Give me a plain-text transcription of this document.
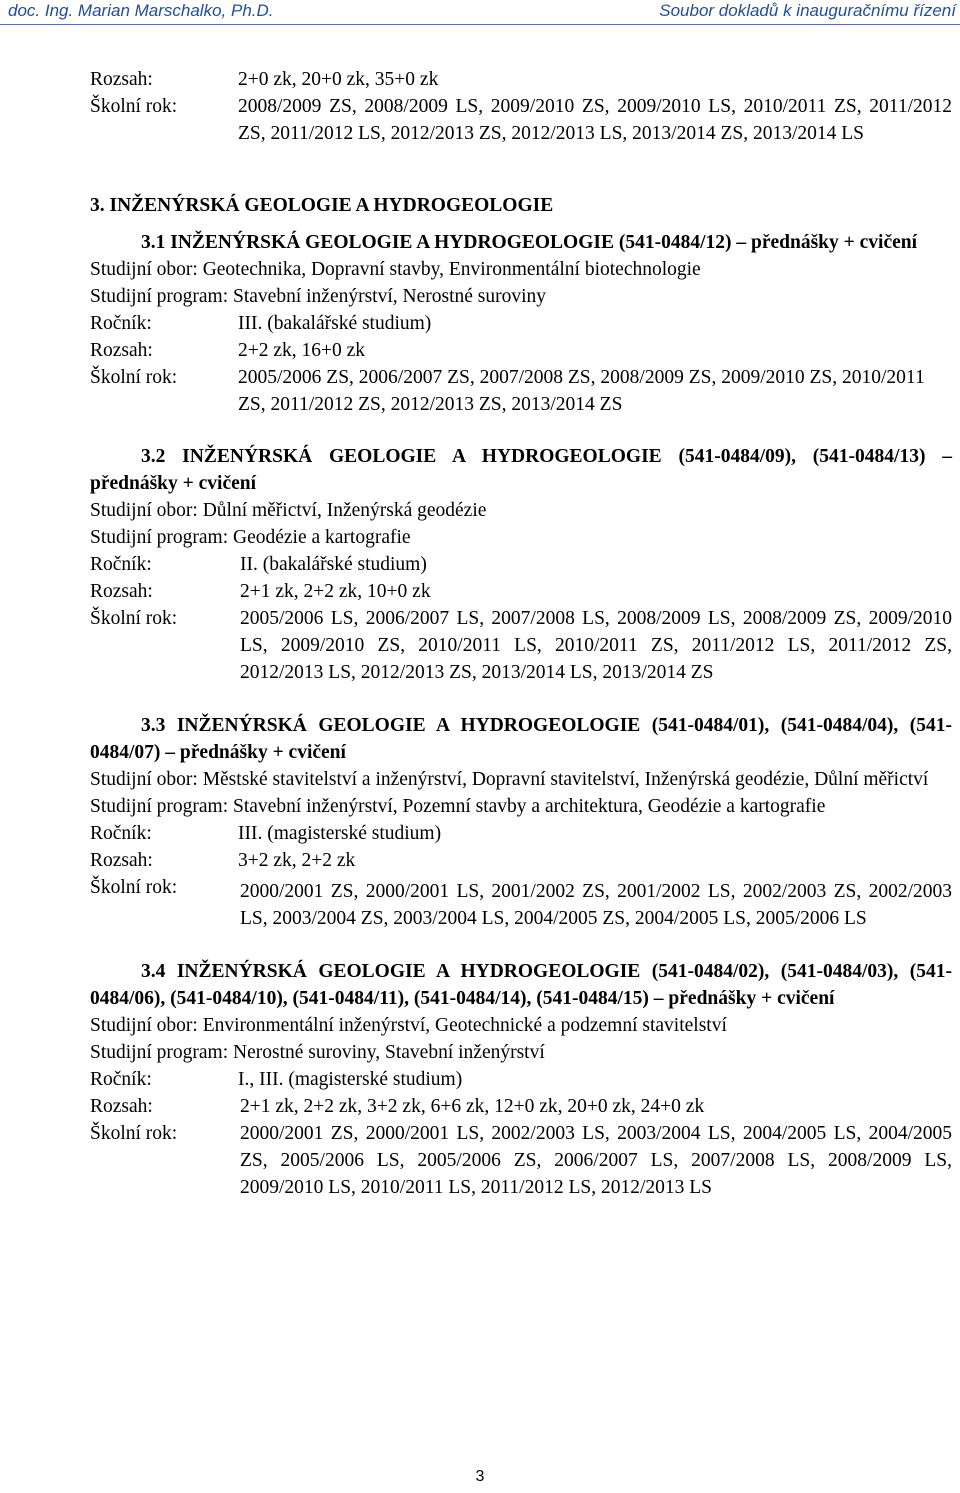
doc. Ing. Marian Marschalko, Ph.D.	Soubor dokladů k inauguračnímu řízení
Rozsah:	2+0 zk, 20+0 zk, 35+0 zk
Školní rok:	2008/2009 ZS, 2008/2009 LS, 2009/2010 ZS, 2009/2010 LS, 2010/2011 ZS, 2011/2012 ZS, 2011/2012 LS, 2012/2013 ZS, 2012/2013 LS, 2013/2014 ZS, 2013/2014 LS
3. INŽENÝRSKÁ GEOLOGIE A HYDROGEOLOGIE
3.1 INŽENÝRSKÁ GEOLOGIE A HYDROGEOLOGIE (541-0484/12) – přednášky + cvičení
Studijní obor: Geotechnika, Dopravní stavby, Environmentální biotechnologie
Studijní program: Stavební inženýrství, Nerostné suroviny
Ročník:	III. (bakalářské studium)
Rozsah:	2+2 zk, 16+0 zk
Školní rok:	2005/2006 ZS, 2006/2007 ZS, 2007/2008 ZS, 2008/2009 ZS, 2009/2010 ZS, 2010/2011 ZS, 2011/2012 ZS, 2012/2013 ZS, 2013/2014 ZS
3.2 INŽENÝRSKÁ GEOLOGIE A HYDROGEOLOGIE (541-0484/09), (541-0484/13) – přednášky + cvičení
Studijní obor: Důlní měřictví, Inženýrská geodézie
Studijní program: Geodézie a kartografie
Ročník:	II. (bakalářské studium)
Rozsah:	2+1 zk, 2+2 zk, 10+0 zk
Školní rok:	2005/2006 LS, 2006/2007 LS, 2007/2008 LS, 2008/2009 LS, 2008/2009 ZS, 2009/2010 LS, 2009/2010 ZS, 2010/2011 LS, 2010/2011 ZS, 2011/2012 LS, 2011/2012 ZS, 2012/2013 LS, 2012/2013 ZS, 2013/2014 LS, 2013/2014 ZS
3.3 INŽENÝRSKÁ GEOLOGIE A HYDROGEOLOGIE (541-0484/01), (541-0484/04), (541-0484/07) – přednášky + cvičení
Studijní obor: Městské stavitelství a inženýrství, Dopravní stavitelství, Inženýrská geodézie, Důlní měřictví
Studijní program: Stavební inženýrství, Pozemní stavby a architektura, Geodézie a kartografie
Ročník:	III. (magisterské studium)
Rozsah:	3+2 zk, 2+2 zk
Školní rok:	2000/2001 ZS, 2000/2001 LS, 2001/2002 ZS, 2001/2002 LS, 2002/2003 ZS, 2002/2003 LS, 2003/2004 ZS, 2003/2004 LS, 2004/2005 ZS, 2004/2005 LS, 2005/2006 LS
3.4 INŽENÝRSKÁ GEOLOGIE A HYDROGEOLOGIE (541-0484/02), (541-0484/03), (541-0484/06), (541-0484/10), (541-0484/11), (541-0484/14), (541-0484/15) – přednášky + cvičení
Studijní obor: Environmentální inženýrství, Geotechnické a podzemní stavitelství
Studijní program: Nerostné suroviny, Stavební inženýrství
Ročník:	I., III. (magisterské studium)
Rozsah:	2+1 zk, 2+2 zk, 3+2 zk, 6+6 zk, 12+0 zk, 20+0 zk, 24+0 zk
Školní rok:	2000/2001 ZS, 2000/2001 LS, 2002/2003 LS, 2003/2004 LS, 2004/2005 LS, 2004/2005 ZS, 2005/2006 LS, 2005/2006 ZS, 2006/2007 LS, 2007/2008 LS, 2008/2009 LS, 2009/2010 LS, 2010/2011 LS, 2011/2012 LS, 2012/2013 LS
3
